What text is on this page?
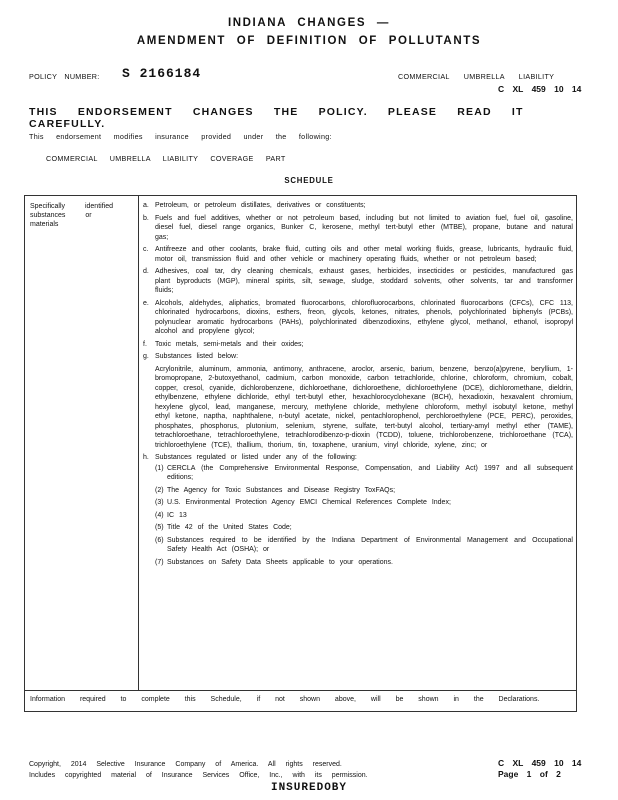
INDIANA CHANGES —
AMENDMENT OF DEFINITION OF POLLUTANTS
POLICY NUMBER: S 2166184	COMMERCIAL UMBRELLA LIABILITY
C XL 459 10 14
THIS ENDORSEMENT CHANGES THE POLICY. PLEASE READ IT CAREFULLY.
This endorsement modifies insurance provided under the following:
COMMERCIAL UMBRELLA LIABILITY COVERAGE PART
SCHEDULE
Specifically identified substances or materials
a. Petroleum, or petroleum distillates, derivatives or constituents;
b. Fuels and fuel additives, whether or not petroleum based, including but not limited to aviation fuel, fuel oil, gasoline, diesel fuel, diesel range organics, Bunker C, kerosene, methyl tert-butyl ether (MTBE), propane, butane and natural gas;
c. Antifreeze and other coolants, brake fluid, cutting oils and other metal working fluids, grease, lubricants, hydraulic fluid, motor oil, transmission fluid and other vehicle or machinery operating fluids, whether or not petroleum based;
d. Adhesives, coal tar, dry cleaning chemicals, exhaust gases, herbicides, insecticides or pesticides, manufactured gas plant byproducts (MGP), mineral spirits, silt, sewage, sludge, stoddard solvents, other solvents, tar and transformer fluids;
e. Alcohols, aldehydes, aliphatics, bromated fluorocarbons, chlorofluorocarbons, chlorinated fluorocarbons (CFCs), CFC 113, chlorinated hydrocarbons, dioxins, esthers, freon, glycols, ketones, nitrates, phenols, polychlorinated biphenyls (PCBs), polynuclear aromatic hydrocarbons (PAHs), polychlorinated dibenzodioxins, ethylene glycol, methanol, ethanol, isopropyl alcohol and propylene glycol;
f. Toxic metals, semi-metals and their oxides;
g. Substances listed below:
Acrylonitrile, aluminum, ammonia, antimony, anthracene, aroclor, arsenic, barium, benzene, benzo(a)pyrene, beryllium, 1-bromopropane, 2-butoxyethanol, cadmium, carbon monoxide, carbon tetrachloride, chlorine, chloroform, chromium, cobalt, copper, cresol, cyanide, dichlorobenzene, dichloroethane, dichloroethene, dichloroethylene (DCE), dichloromethane, dieldrin, ethylbenzene, ethylene dichloride, ethyl tert-butyl ether, hexachlorocyclohexane (BCH), hexadioxin, hexavalent chromium, hexylene glycol, lead, manganese, mercury, methylene chloride, methylene chloroform, methyl isobutyl ketone, methyl ethyl ketone, naptha, naphthalene, n-butyl acetate, nickel, pentachlorophenol, perchloroethylene (PCE, PERC), peroxides, phosphates, phosphorus, plutonium, selenium, styrene, sulfate, tert-butyl alcohol, tertiary-amyl methyl ether (TAME), tetrachloroethane, tetrachloroethylene, tetrachlorodibenzo-p-dioxin (TCDD), toluene, trichlorobenzene, trichloroethane (TCA), trichloroethylene (TCE), thallium, thorium, tin, toxaphene, uranium, vinyl chloride, xylene, zinc; or
h. Substances regulated or listed under any of the following:
(1) CERCLA (the Comprehensive Environmental Response, Compensation, and Liability Act) 1997 and all subsequent editions;
(2) The Agency for Toxic Substances and Disease Registry ToxFAQs;
(3) U.S. Environmental Protection Agency EMCI Chemical References Complete Index;
(4) IC 13
(5) Title 42 of the United States Code;
(6) Substances required to be identified by the Indiana Department of Environmental Management and Occupational Safety Health Act (OSHA); or
(7) Substances on Safety Data Sheets applicable to your operations.
Information required to complete this Schedule, if not shown above, will be shown in the Declarations.
Copyright, 2014 Selective Insurance Company of America. All rights reserved.
Includes copyrighted material of Insurance Services Office, Inc., with its permission.
C XL 459 10 14
Page 1 of 2
INSUREDOBY
